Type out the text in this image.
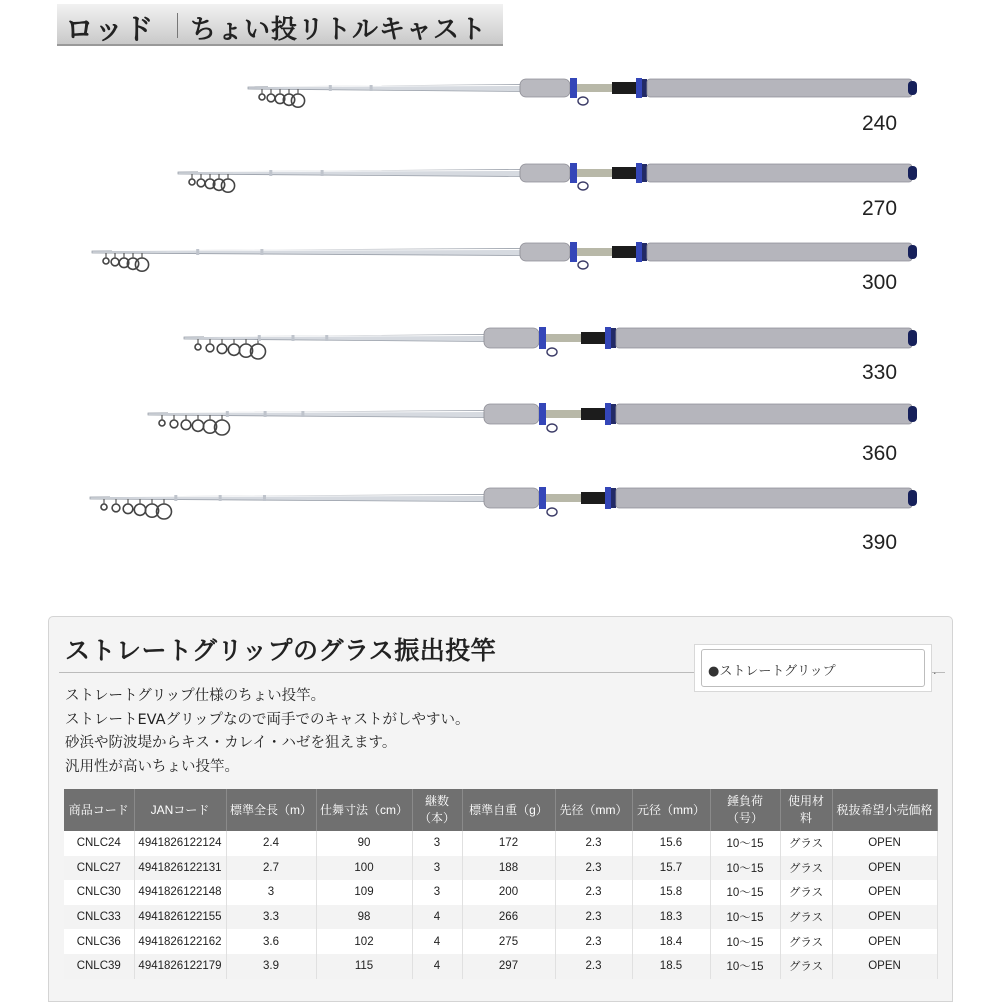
ロッド ちょい投リトルキャスト
240
270
300
330
360
390
ストレートグリップのグラス振出投竿
●ストレートグリップ	.
ストレートグリップ仕様のちょい投竿。
ストレートEVAグリップなので両手でのキャストがしやすい。
砂浜や防波堤からキス・カレイ・ハゼを狙えます。
汎用性が高いちょい投竿。
商品コード	JANコード	標準全長（m）	仕舞寸法（cm）	継数（本）	標準自重（g）	先径（mm）	元径（mm）	錘負荷（号）	使用材料	税抜希望小売価格
CNLC24	4941826122124	2.4	90	3	172	2.3	15.6	10～15	グラス	OPEN
CNLC27	4941826122131	2.7	100	3	188	2.3	15.7	10～15	グラス	OPEN
CNLC30	4941826122148	3	109	3	200	2.3	15.8	10～15	グラス	OPEN
CNLC33	4941826122155	3.3	98	4	266	2.3	18.3	10～15	グラス	OPEN
CNLC36	4941826122162	3.6	102	4	275	2.3	18.4	10～15	グラス	OPEN
CNLC39	4941826122179	3.9	115	4	297	2.3	18.5	10～15	グラス	OPEN
